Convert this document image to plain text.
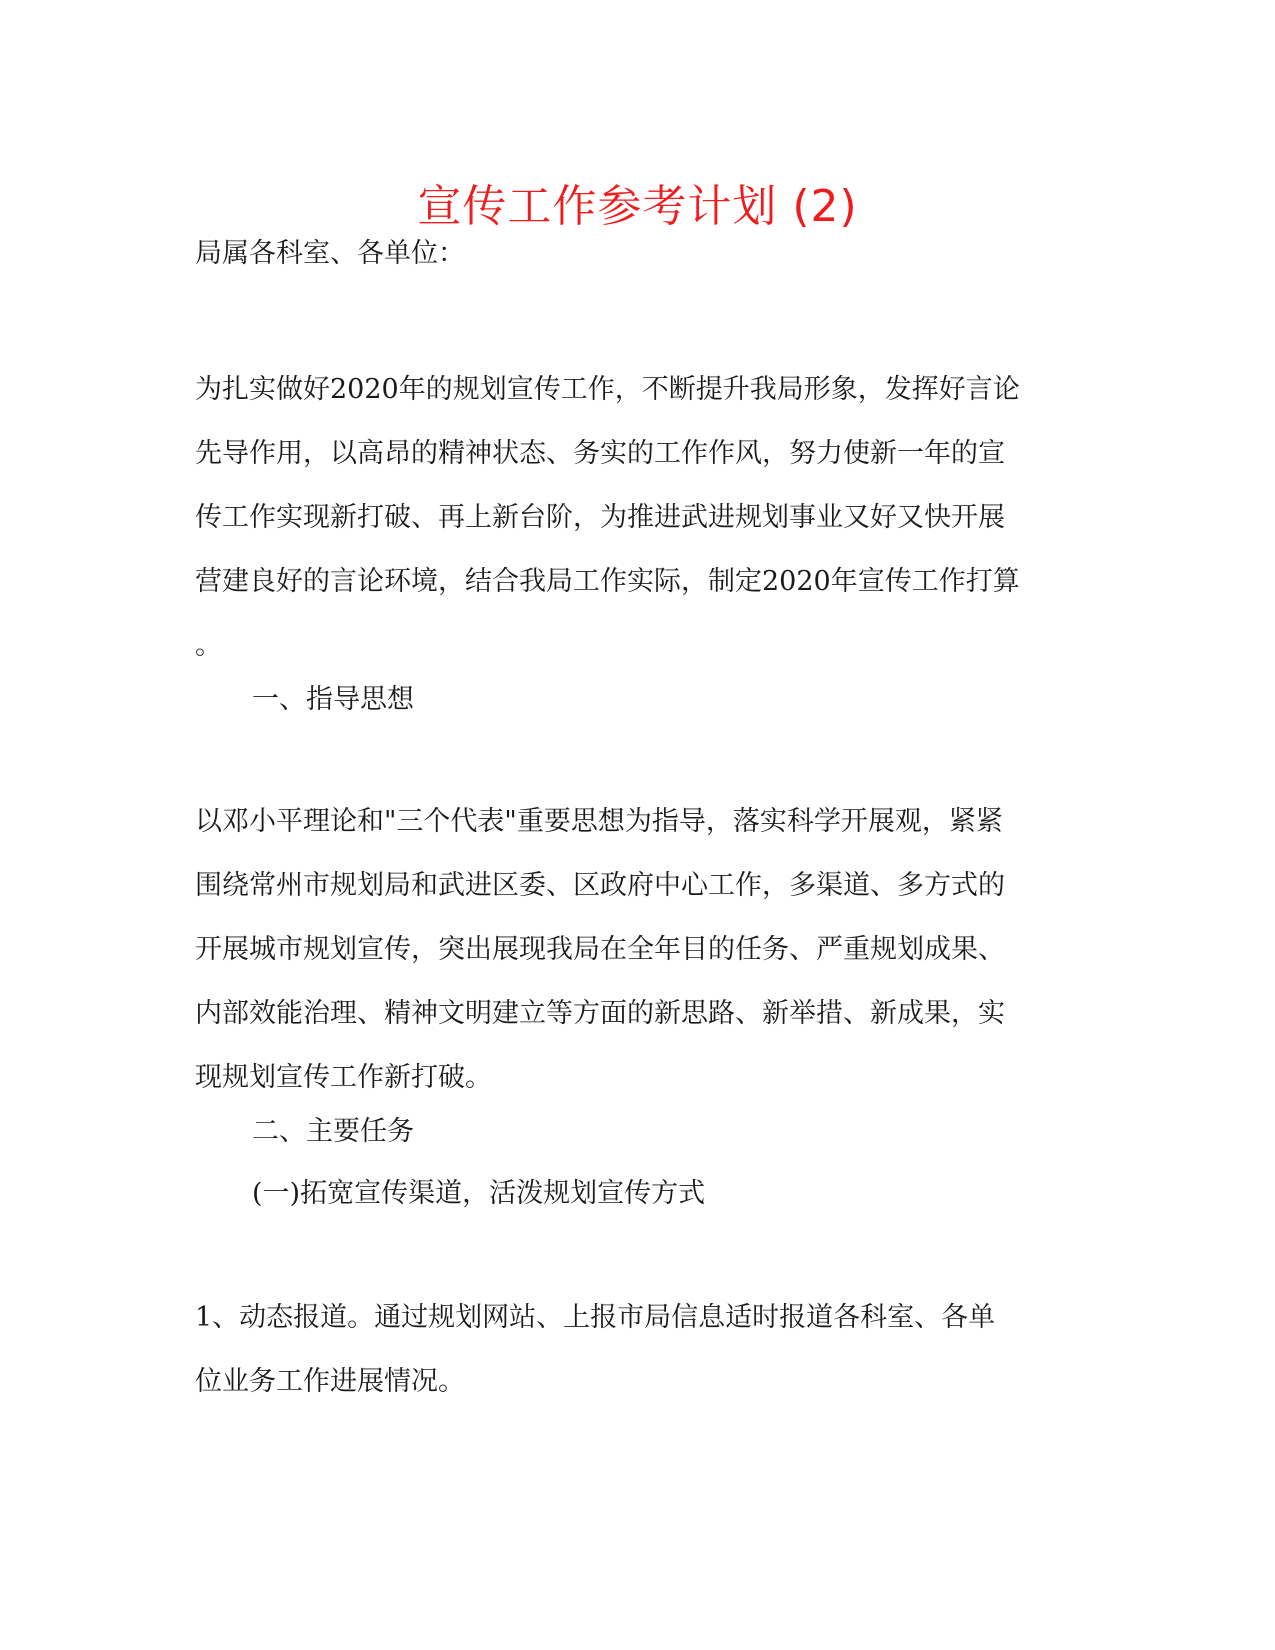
宣传工作参考计划 (2)

局属各科室、各单位：

为扎实做好2020年的规划宣传工作，不断提升我局形象，发挥好言论
先导作用，以高昂的精神状态、务实的工作作风，努力使新一年的宣
传工作实现新打破、再上新台阶，为推进武进规划事业又好又快开展
营建良好的言论环境，结合我局工作实际，制定2020年宣传工作打算
。

一、指导思想

以邓小平理论和"三个代表"重要思想为指导，落实科学开展观，紧紧
围绕常州市规划局和武进区委、区政府中心工作，多渠道、多方式的
开展城市规划宣传，突出展现我局在全年目的任务、严重规划成果、
内部效能治理、精神文明建立等方面的新思路、新举措、新成果，实
现规划宣传工作新打破。

二、主要任务

(一)拓宽宣传渠道，活泼规划宣传方式

1、动态报道。通过规划网站、上报市局信息适时报道各科室、各单
位业务工作进展情况。
